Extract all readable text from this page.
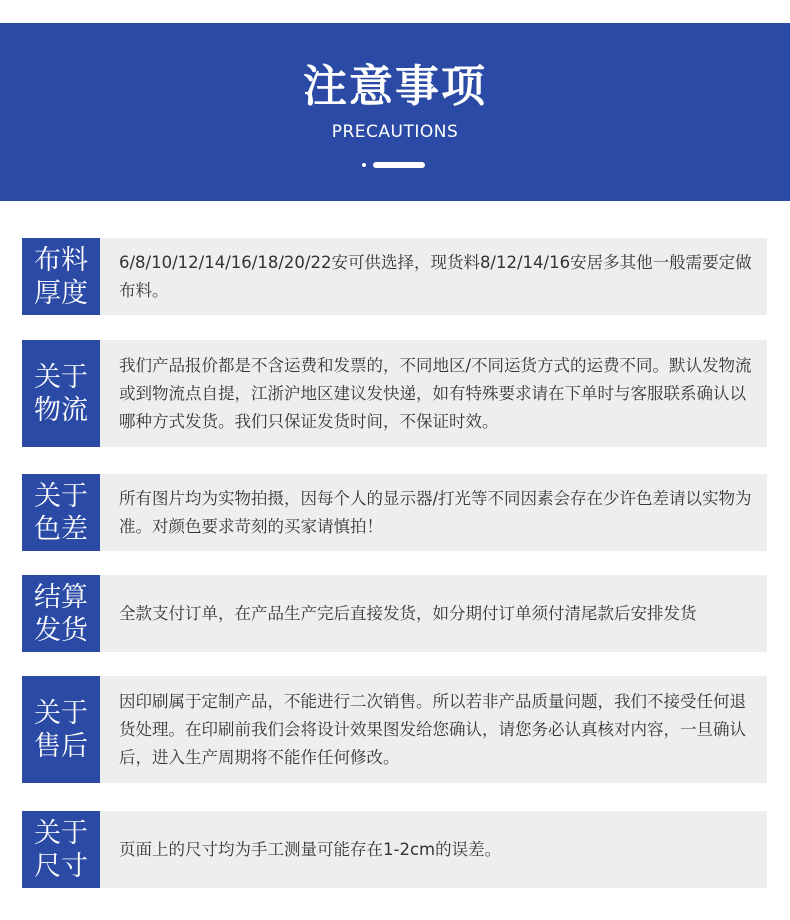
注意事项
PRECAUTIONS
布料
厚度
6/8/10/12/14/16/18/20/22安可供选择，现货料8/12/14/16安居多其他一般需要定做布料。
关于
物流
我们产品报价都是不含运费和发票的，不同地区/不同运货方式的运费不同。默认发物流或到物流点自提，江浙沪地区建议发快递，如有特殊要求请在下单时与客服联系确认以哪种方式发货。我们只保证发货时间，不保证时效。
关于
色差
所有图片均为实物拍摄，因每个人的显示器/打光等不同因素会存在少许色差请以实物为准。对颜色要求苛刻的买家请慎拍！
结算
发货
全款支付订单，在产品生产完后直接发货，如分期付订单须付清尾款后安排发货
关于
售后
因印刷属于定制产品，不能进行二次销售。所以若非产品质量问题，我们不接受任何退货处理。在印刷前我们会将设计效果图发给您确认，请您务必认真核对内容，一旦确认后，进入生产周期将不能作任何修改。
关于
尺寸
页面上的尺寸均为手工测量可能存在1-2cm的误差。
